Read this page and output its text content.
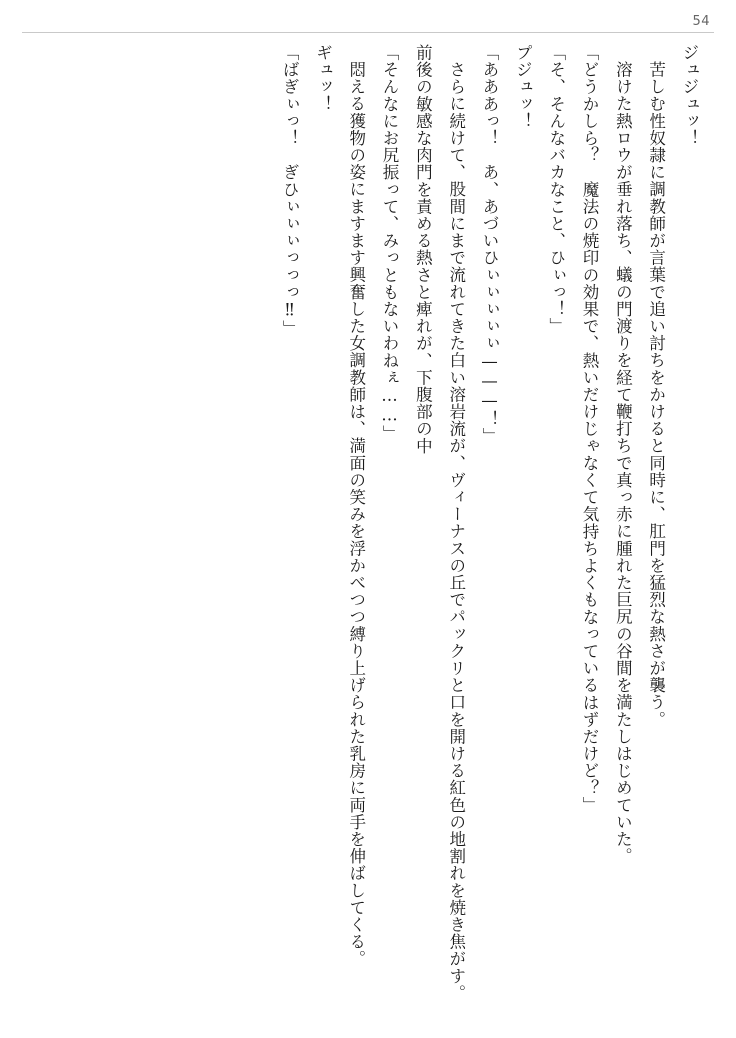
54

ジュジュッ！

苦しむ性奴隷に調教師が言葉で追い討ちをかけると同時に、肛門を猛烈な熱さが襲う。

溶けた熱ロウが垂れ落ち、蟻の門渡りを経て鞭打ちで真っ赤に腫れた巨尻の谷間を満たしはじめていた。

「どうかしら？　魔法の焼印の効果で、熱いだけじゃなくて気持ちよくもなっているはずだけど？」

「そ、そんなバカなこと、ひぃっ！」

プジュッ！

「あああっ！　あ、あづいひぃぃぃぃぃ———！」

さらに続けて、股間にまで流れてきた白い溶岩流が、ヴィーナスの丘でパックリと口を開ける紅色の地割れを焼き焦がす。

前後の敏感な肉門を責める熱さと痺れが、下腹部の中

「そんなにお尻振って、みっともないわねぇ……」

悶える獲物の姿にますます興奮した女調教師は、満面の笑みを浮かべつつ縛り上げられた乳房に両手を伸ばしてくる。

ギュッ！

「ばぎぃっ！　ぎひぃぃぃっっっ‼」
